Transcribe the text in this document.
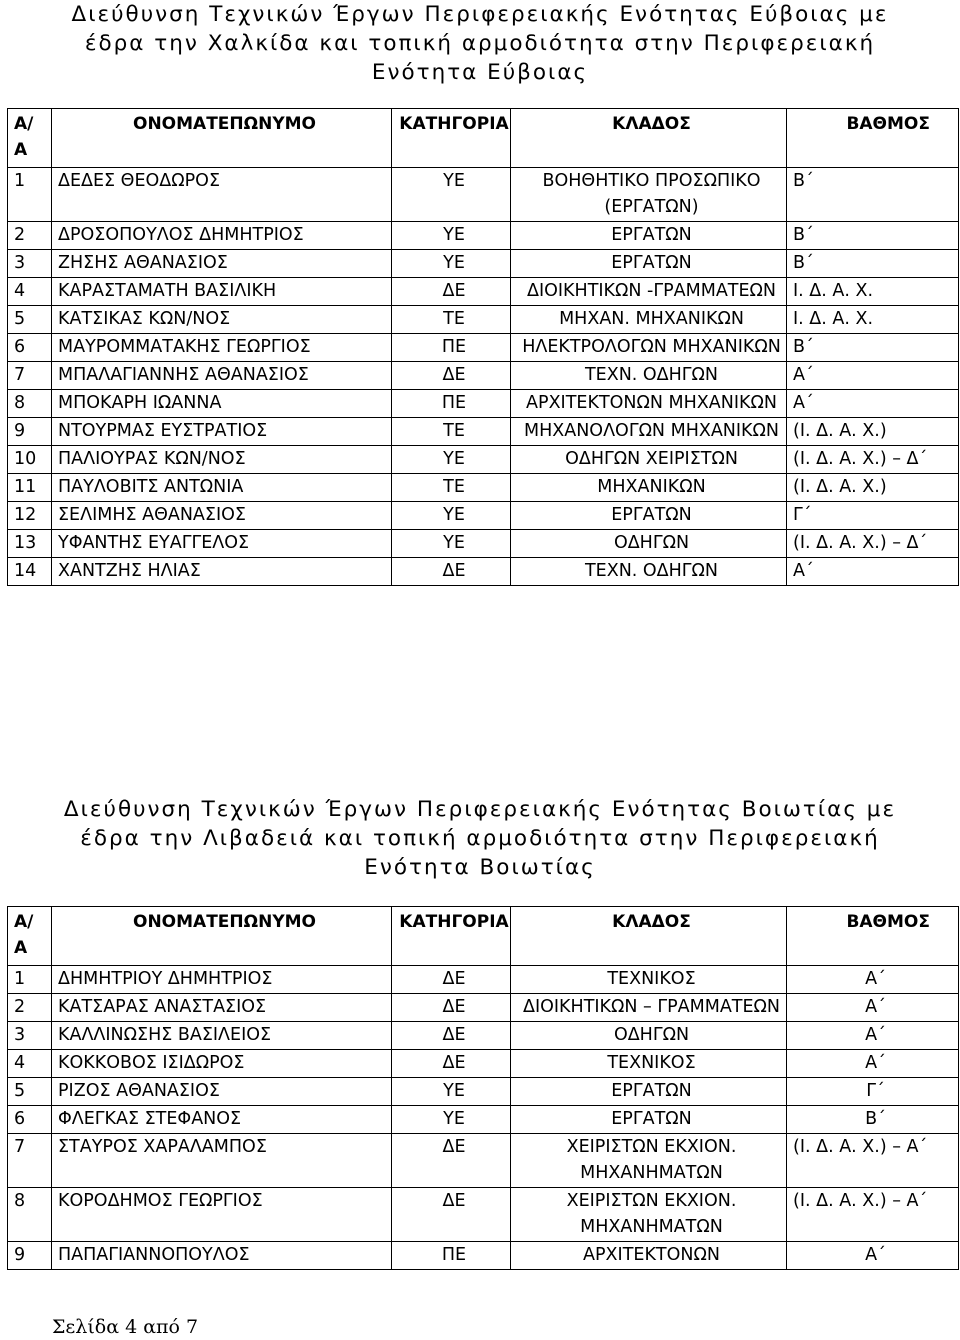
Διεύθυνση Τεχνικών Έργων Περιφερειακής Ενότητας Εύβοιας με
έδρα την Χαλκίδα και τοπική αρμοδιότητα στην Περιφερειακή
Ενότητα Εύβοιας
Α/ Α	ΟΝΟΜΑΤΕΠΩΝΥΜΟ	ΚΑΤΗΓΟΡΙΑ	ΚΛΑΔΟΣ	ΒΑΘΜΟΣ
1	ΔΕΔΕΣ ΘΕΟΔΩΡΟΣ	ΥΕ	ΒΟΗΘΗΤΙΚΟ ΠΡΟΣΩΠΙΚΟ (ΕΡΓΑΤΩΝ)	Β΄
2	ΔΡΟΣΟΠΟΥΛΟΣ ΔΗΜΗΤΡΙΟΣ	ΥΕ	ΕΡΓΑΤΩΝ	Β΄
3	ΖΗΣΗΣ ΑΘΑΝΑΣΙΟΣ	ΥΕ	ΕΡΓΑΤΩΝ	Β΄
4	ΚΑΡΑΣΤΑΜΑΤΗ ΒΑΣΙΛΙΚΗ	ΔΕ	ΔΙΟΙΚΗΤΙΚΩΝ -ΓΡΑΜΜΑΤΕΩΝ	Ι. Δ. Α. Χ.
5	ΚΑΤΣΙΚΑΣ ΚΩΝ/ΝΟΣ	ΤΕ	ΜΗΧΑΝ. ΜΗΧΑΝΙΚΩΝ	Ι. Δ. Α. Χ.
6	ΜΑΥΡΟΜΜΑΤΑΚΗΣ ΓΕΩΡΓΙΟΣ	ΠΕ	ΗΛΕΚΤΡΟΛΟΓΩΝ ΜΗΧΑΝΙΚΩΝ	Β΄
7	ΜΠΑΛΑΓΙΑΝΝΗΣ ΑΘΑΝΑΣΙΟΣ	ΔΕ	ΤΕΧΝ. ΟΔΗΓΩΝ	Α΄
8	ΜΠΟΚΑΡΗ ΙΩΑΝΝΑ	ΠΕ	ΑΡΧΙΤΕΚΤΟΝΩΝ ΜΗΧΑΝΙΚΩΝ	Α΄
9	ΝΤΟΥΡΜΑΣ ΕΥΣΤΡΑΤΙΟΣ	ΤΕ	ΜΗΧΑΝΟΛΟΓΩΝ ΜΗΧΑΝΙΚΩΝ	(Ι. Δ. Α. Χ.)
10	ΠΑΛΙΟΥΡΑΣ ΚΩΝ/ΝΟΣ	ΥΕ	ΟΔΗΓΩΝ ΧΕΙΡΙΣΤΩΝ	(Ι. Δ. Α. Χ.) – Δ΄
11	ΠΑΥΛΟΒΙΤΣ ΑΝΤΩΝΙΑ	ΤΕ	ΜΗΧΑΝΙΚΩΝ	(Ι. Δ. Α. Χ.)
12	ΣΕΛΙΜΗΣ ΑΘΑΝΑΣΙΟΣ	ΥΕ	ΕΡΓΑΤΩΝ	Γ΄
13	ΥΦΑΝΤΗΣ ΕΥΑΓΓΕΛΟΣ	ΥΕ	ΟΔΗΓΩΝ	(Ι. Δ. Α. Χ.) – Δ΄
14	ΧΑΝΤΖΗΣ ΗΛΙΑΣ	ΔΕ	ΤΕΧΝ. ΟΔΗΓΩΝ	Α΄
Διεύθυνση Τεχνικών Έργων Περιφερειακής Ενότητας Βοιωτίας με
έδρα την Λιβαδειά και τοπική αρμοδιότητα στην Περιφερειακή
Ενότητα Βοιωτίας
Α/ Α	ΟΝΟΜΑΤΕΠΩΝΥΜΟ	ΚΑΤΗΓΟΡΙΑ	ΚΛΑΔΟΣ	ΒΑΘΜΟΣ
1	ΔΗΜΗΤΡΙΟΥ ΔΗΜΗΤΡΙΟΣ	ΔΕ	ΤΕΧΝΙΚΟΣ	Α΄
2	ΚΑΤΣΑΡΑΣ ΑΝΑΣΤΑΣΙΟΣ	ΔΕ	ΔΙΟΙΚΗΤΙΚΩΝ – ΓΡΑΜΜΑΤΕΩΝ	Α΄
3	ΚΑΛΛΙΝΩΣΗΣ ΒΑΣΙΛΕΙΟΣ	ΔΕ	ΟΔΗΓΩΝ	Α΄
4	ΚΟΚΚΟΒΟΣ ΙΣΙΔΩΡΟΣ	ΔΕ	ΤΕΧΝΙΚΟΣ	Α΄
5	ΡΙΖΟΣ ΑΘΑΝΑΣΙΟΣ	ΥΕ	ΕΡΓΑΤΩΝ	Γ΄
6	ΦΛΕΓΚΑΣ ΣΤΕΦΑΝΟΣ	ΥΕ	ΕΡΓΑΤΩΝ	Β΄
7	ΣΤΑΥΡΟΣ ΧΑΡΑΛΑΜΠΟΣ	ΔΕ	ΧΕΙΡΙΣΤΩΝ ΕΚΧΙΟΝ. ΜΗΧΑΝΗΜΑΤΩΝ	(Ι. Δ. Α. Χ.) – Α΄
8	ΚΟΡΟΔΗΜΟΣ ΓΕΩΡΓΙΟΣ	ΔΕ	ΧΕΙΡΙΣΤΩΝ ΕΚΧΙΟΝ. ΜΗΧΑΝΗΜΑΤΩΝ	(Ι. Δ. Α. Χ.) – Α΄
9	ΠΑΠΑΓΙΑΝΝΟΠΟΥΛΟΣ	ΠΕ	ΑΡΧΙΤΕΚΤΟΝΩΝ	Α΄
Σελίδα 4 από 7
